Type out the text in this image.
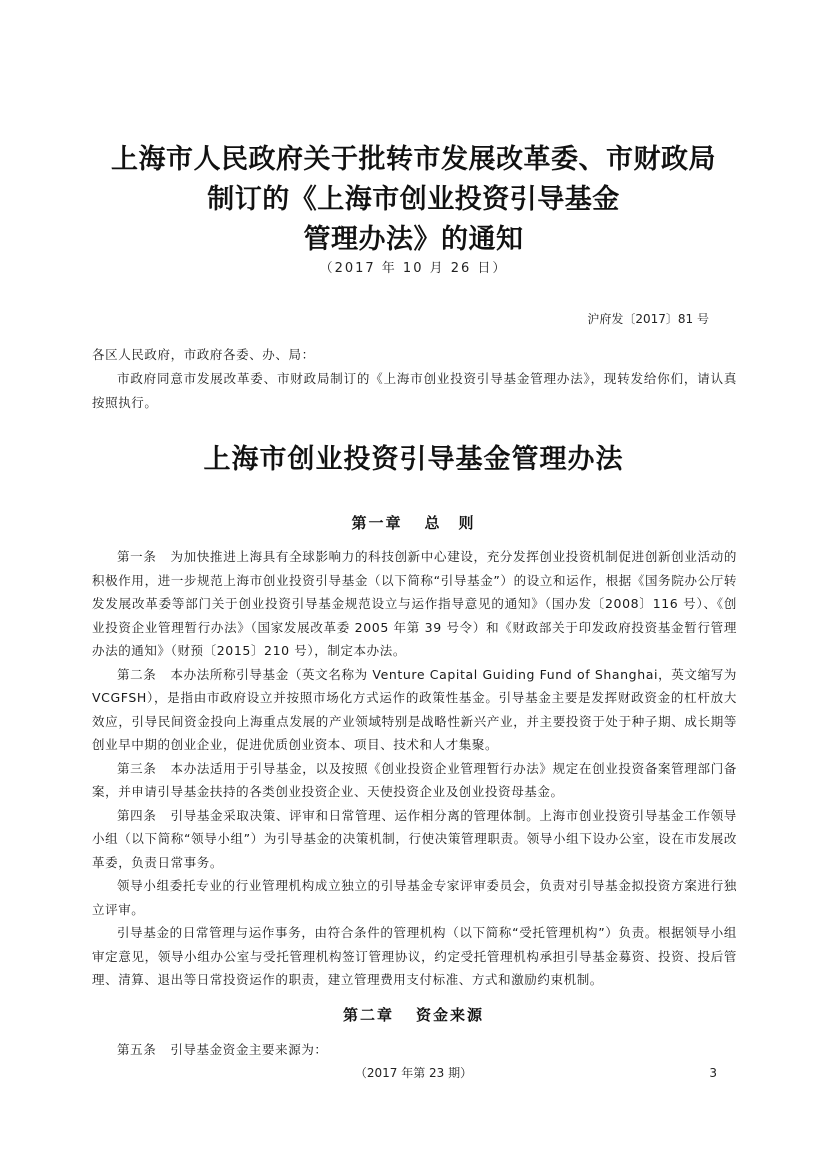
上海市人民政府关于批转市发展改革委、市财政局
制订的《上海市创业投资引导基金
管理办法》的通知
（2017 年 10 月 26 日）
沪府发〔2017〕81 号
各区人民政府，市政府各委、办、局：
市政府同意市发展改革委、市财政局制订的《上海市创业投资引导基金管理办法》，现转发给你们，请认真按照执行。
上海市创业投资引导基金管理办法
第一章 总　则

第一条 为加快推进上海具有全球影响力的科技创新中心建设，充分发挥创业投资机制促进创新创业活动的积极作用，进一步规范上海市创业投资引导基金（以下简称“引导基金”）的设立和运作，根据《国务院办公厅转发发展改革委等部门关于创业投资引导基金规范设立与运作指导意见的通知》（国办发〔2008〕116 号）、《创业投资企业管理暂行办法》（国家发展改革委 2005 年第 39 号令）和《财政部关于印发政府投资基金暂行管理办法的通知》（财预〔2015〕210 号），制定本办法。

第二条 本办法所称引导基金（英文名称为 Venture Capital Guiding Fund of Shanghai，英文缩写为 VCGFSH），是指由市政府设立并按照市场化方式运作的政策性基金。引导基金主要是发挥财政资金的杠杆放大效应，引导民间资金投向上海重点发展的产业领域特别是战略性新兴产业，并主要投资于处于种子期、成长期等创业早中期的创业企业，促进优质创业资本、项目、技术和人才集聚。

第三条 本办法适用于引导基金，以及按照《创业投资企业管理暂行办法》规定在创业投资备案管理部门备案，并申请引导基金扶持的各类创业投资企业、天使投资企业及创业投资母基金。

第四条 引导基金采取决策、评审和日常管理、运作相分离的管理体制。上海市创业投资引导基金工作领导小组（以下简称“领导小组”）为引导基金的决策机制，行使决策管理职责。领导小组下设办公室，设在市发展改革委，负责日常事务。

领导小组委托专业的行业管理机构成立独立的引导基金专家评审委员会，负责对引导基金拟投资方案进行独立评审。

引导基金的日常管理与运作事务，由符合条件的管理机构（以下简称“受托管理机构”）负责。根据领导小组审定意见，领导小组办公室与受托管理机构签订管理协议，约定受托管理机构承担引导基金募资、投资、投后管理、清算、退出等日常投资运作的职责，建立管理费用支付标准、方式和激励约束机制。

第二章 资金来源
第五条 引导基金资金主要来源为：
（2017 年第 23 期）	3
